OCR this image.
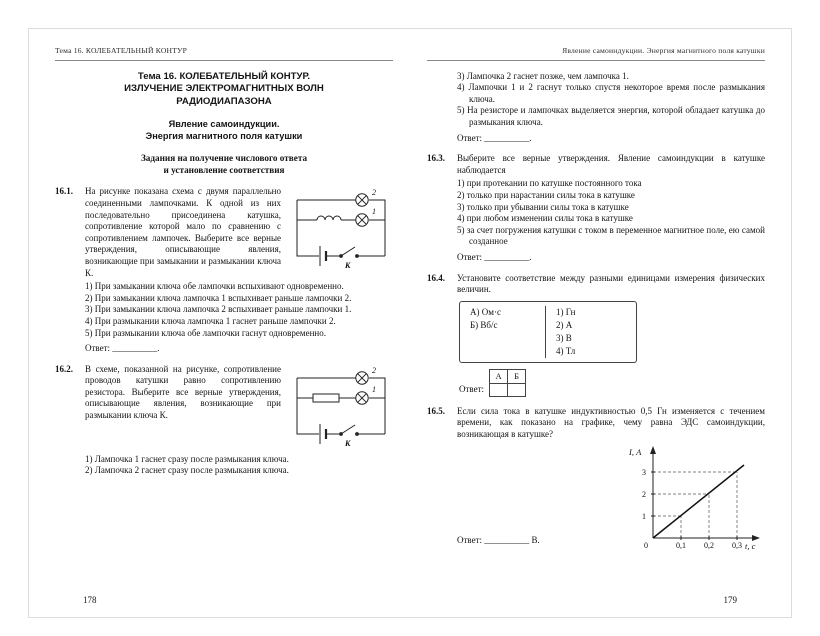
Тема 16. КОЛЕБАТЕЛЬНЫЙ КОНТУР
Тема 16. КОЛЕБАТЕЛЬНЫЙ КОНТУР.
ИЗЛУЧЕНИЕ ЭЛЕКТРОМАГНИТНЫХ ВОЛН
РАДИОДИАПАЗОНА
Явление самоиндукции.
Энергия магнитного поля катушки
Задания на получение числового ответа
и установление соответствия
16.1.	2
1
К
На рисунке показана схема с двумя параллельно соединенными лампочками. К одной из них последовательно присоединена катушка, сопротивление которой мало по сравнению с сопротивлением лампочек. Выберите все верные утверждения, описывающие явления, возникающие при замыкании и размыкании ключа К.
1) При замыкании ключа обе лампочки вспыхивают одновременно.
2) При замыкании ключа лампочка 1 вспыхивает раньше лампочки 2.
3) При замыкании ключа лампочка 2 вспыхивает раньше лампочки 1.
4) При размыкании ключа лампочка 1 гаснет раньше лампочки 2.
5) При размыкании ключа обе лампочки гаснут одновременно.
Ответ: __________.
16.2.	2
1
К
В схеме, показанной на рисунке, сопротивление проводов катушки равно сопротивлению резистора. Выберите все верные утверждения, описывающие явления, возникающие при размыкании ключа К.
1) Лампочка 1 гаснет сразу после размыкания ключа.
2) Лампочка 2 гаснет сразу после размыкания ключа.
Явление самоиндукции. Энергия магнитного поля катушки
3) Лампочка 2 гаснет позже, чем лампочка 1.
4) Лампочки 1 и 2 гаснут только спустя некоторое время после размыкания ключа.
5) На резисторе и лампочках выделяется энергия, которой обладает катушка до размыкания ключа.
Ответ: __________.
16.3. Выберите все верные утверждения. Явление самоиндукции в катушке наблюдается
1) при протекании по катушке постоянного тока
2) только при нарастании силы тока в катушке
3) только при убывании силы тока в катушке
4) при любом изменении силы тока в катушке
5) за счет погружения катушки с током в переменное магнитное поле, ею самой созданное
Ответ: __________.
16.4. Установите соответствие между разными единицами измерения физических величин.
А) Ом·с
Б) Вб/с
1) Гн
2) А
3) В
4) Тл
Ответ:
А	Б

16.5. Если сила тока в катушке индуктивностью 0,5 Гн изменяется с течением времени, как показано на графике, чему равна ЭДС самоиндукции, возникающая в катушке?
Ответ: __________ В.
I, А
t, с
0
1
2
3
0,1 0,2 0,3
178	179
